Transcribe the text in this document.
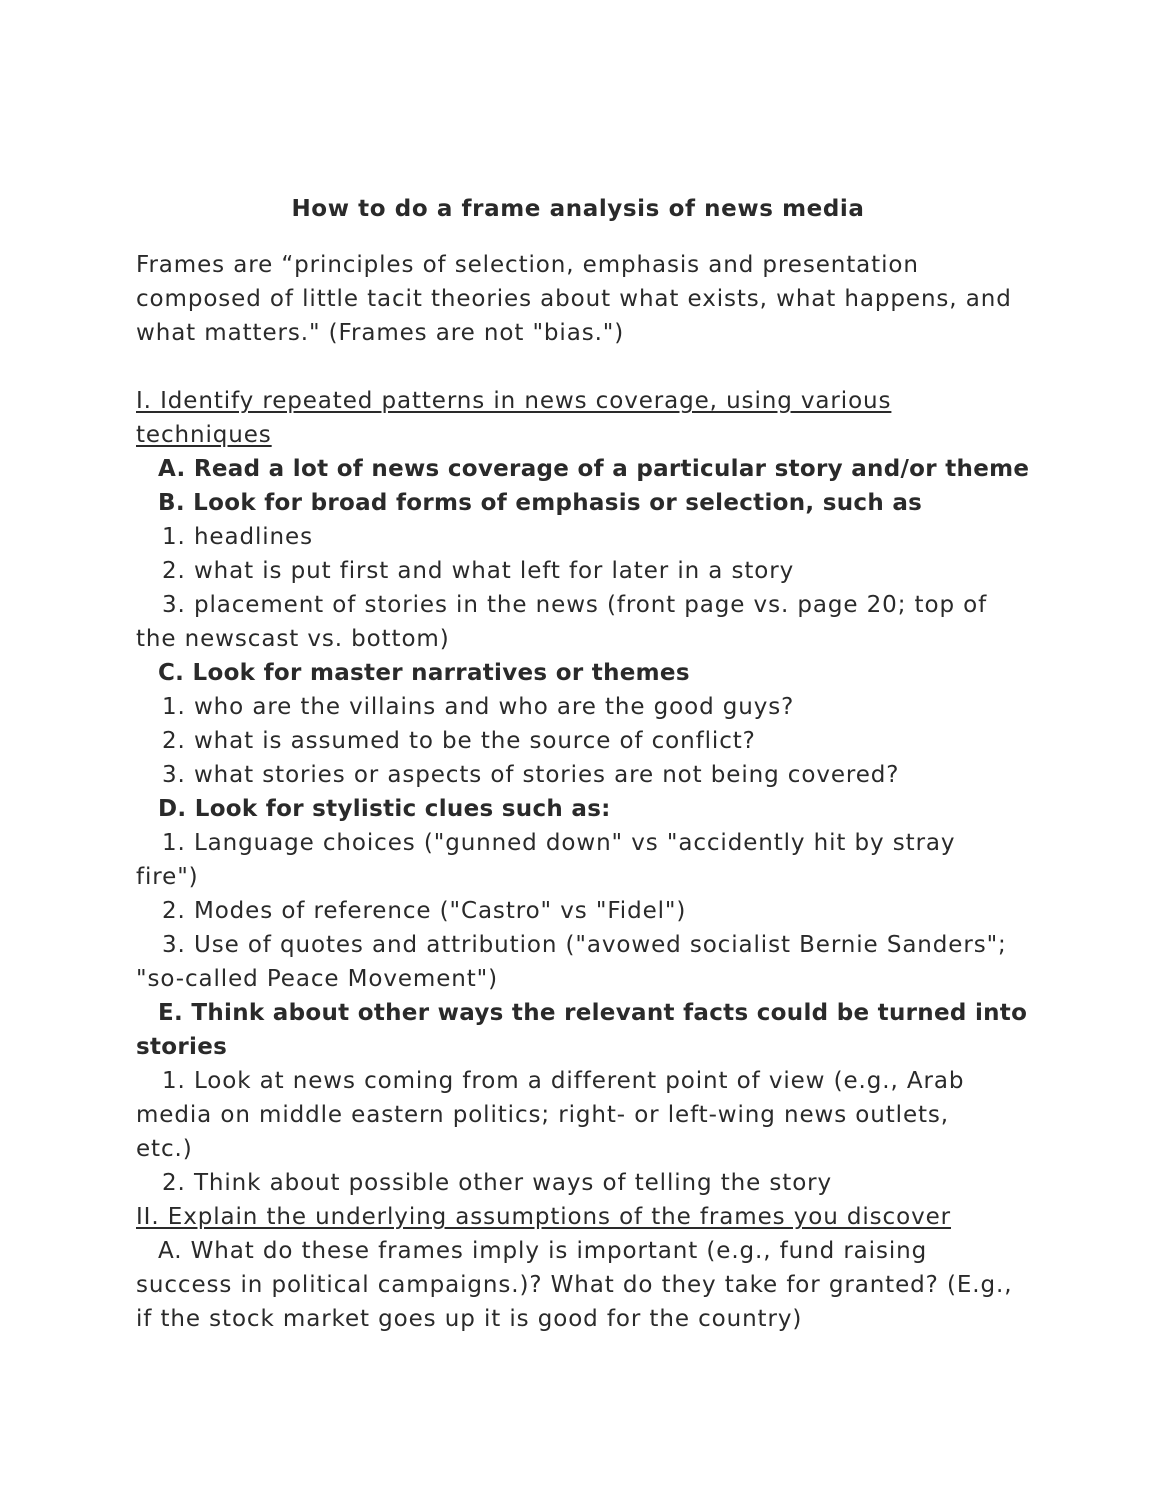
How to do a frame analysis of news media

Frames are “principles of selection, emphasis and presentation

composed of little tacit theories about what exists, what happens, and

what matters." (Frames are not "bias.")

I. Identify repeated patterns in news coverage, using various

techniques

A. Read a lot of news coverage of a particular story and/or theme

B. Look for broad forms of emphasis or selection, such as

1. headlines

2. what is put first and what left for later in a story

3. placement of stories in the news (front page vs. page 20; top of

the newscast vs. bottom)

C. Look for master narratives or themes

1. who are the villains and who are the good guys?

2. what is assumed to be the source of conflict?

3. what stories or aspects of stories are not being covered?

D. Look for stylistic clues such as:

1. Language choices ("gunned down" vs "accidently hit by stray

fire")

2. Modes of reference ("Castro" vs "Fidel")

3. Use of quotes and attribution ("avowed socialist Bernie Sanders";

"so-called Peace Movement")

E. Think about other ways the relevant facts could be turned into

stories

1. Look at news coming from a different point of view (e.g., Arab

media on middle eastern politics; right- or left-wing news outlets,

etc.)

2. Think about possible other ways of telling the story

II. Explain the underlying assumptions of the frames you discover

A. What do these frames imply is important (e.g., fund raising

success in political campaigns.)? What do they take for granted? (E.g.,

if the stock market goes up it is good for the country)
